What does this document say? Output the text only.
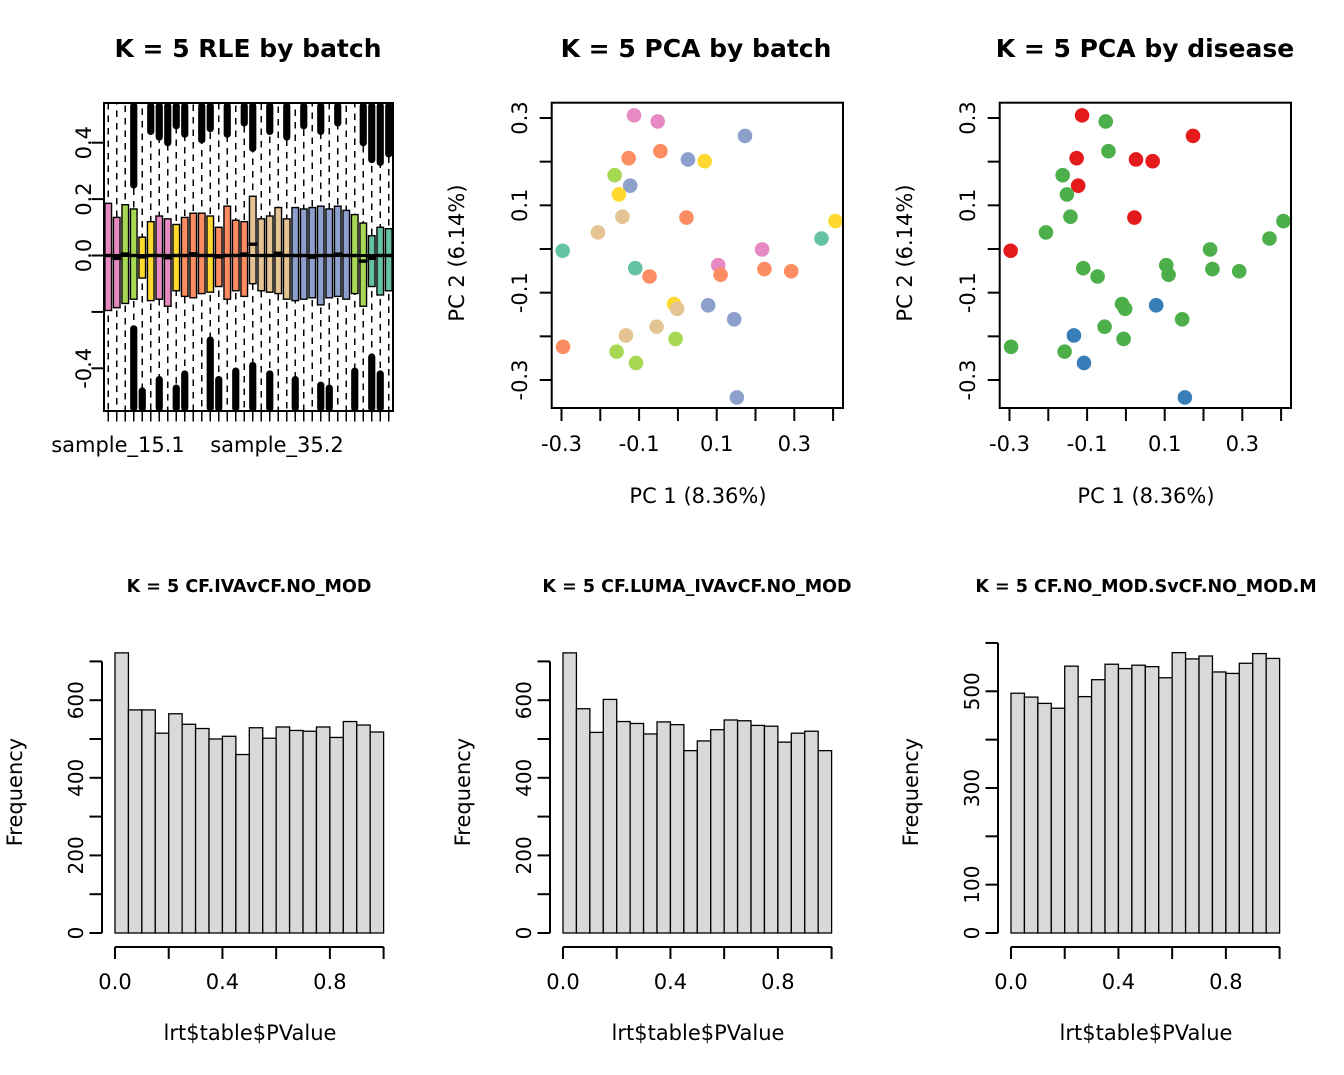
0.4
0.2
0.0
-0.4
-0.3 -0.1 0.1 0.3
-0.3
-0.1
0.1
0.3
-0.3 -0.1 0.1 0.3
-0.3
-0.1
0.1
0.3
0
200
400
600
0.0	0.4	0.8
0
200
400
600
0.0	0.4	0.8
0
100
300
500
0.0	0.4	0.8
K = 5 RLE by batch	K = 5 PCA by batch	K = 5 PCA by disease
K = 5 CF.IVAvCF.NO_MOD	K = 5 CF.LUMA_IVAvCF.NO_MOD	K = 5 CF.NO_MOD.SvCF.NO_MOD.M
sample_15.1 sample_35.2
PC 1 (8.36%)	PC 1 (8.36%)
PC 2 (6.14%)	PC 2 (6.14%)
lrt$table$PValue	lrt$table$PValue	lrt$table$PValue
Frequency	Frequency	Frequency
